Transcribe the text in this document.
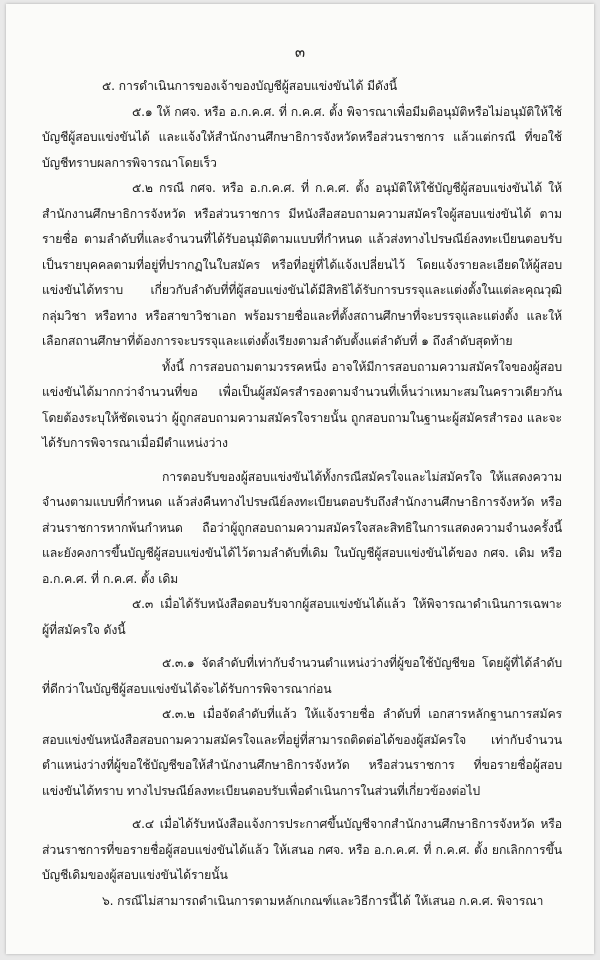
๓

๕. การดำเนินการของเจ้าของบัญชีผู้สอบแข่งขันได้ มีดังนี้

๕.๑ ให้ กศจ. หรือ อ.ก.ค.ศ. ที่ ก.ค.ศ. ตั้ง พิจารณาเพื่อมีมติอนุมัติหรือไม่อนุมัติให้ใช้บัญชีผู้สอบแข่งขันได้ และแจ้งให้สำนักงานศึกษาธิการจังหวัดหรือส่วนราชการ แล้วแต่กรณี ที่ขอใช้บัญชีทราบผลการพิจารณาโดยเร็ว

๕.๒ กรณี กศจ. หรือ อ.ก.ค.ศ. ที่ ก.ค.ศ. ตั้ง อนุมัติให้ใช้บัญชีผู้สอบแข่งขันได้ ให้สำนักงานศึกษาธิการจังหวัด หรือส่วนราชการ มีหนังสือสอบถามความสมัครใจผู้สอบแข่งขันได้ ตามรายชื่อ ตามลำดับที่และจำนวนที่ได้รับอนุมัติตามแบบที่กำหนด แล้วส่งทางไปรษณีย์ลงทะเบียนตอบรับเป็นรายบุคคลตามที่อยู่ที่ปรากฏในใบสมัคร หรือที่อยู่ที่ได้แจ้งเปลี่ยนไว้ โดยแจ้งรายละเอียดให้ผู้สอบแข่งขันได้ทราบ เกี่ยวกับลำดับที่ที่ผู้สอบแข่งขันได้มีสิทธิได้รับการบรรจุและแต่งตั้งในแต่ละคุณวุฒิ กลุ่มวิชา หรือทาง หรือสาขาวิชาเอก พร้อมรายชื่อและที่ตั้งสถานศึกษาที่จะบรรจุและแต่งตั้ง และให้เลือกสถานศึกษาที่ต้องการจะบรรจุและแต่งตั้งเรียงตามลำดับตั้งแต่ลำดับที่ ๑ ถึงลำดับสุดท้าย

ทั้งนี้ การสอบถามตามวรรคหนึ่ง อาจให้มีการสอบถามความสมัครใจของผู้สอบแข่งขันได้มากกว่าจำนวนที่ขอ เพื่อเป็นผู้สมัครสำรองตามจำนวนที่เห็นว่าเหมาะสมในคราวเดียวกัน โดยต้องระบุให้ชัดเจนว่า ผู้ถูกสอบถามความสมัครใจรายนั้น ถูกสอบถามในฐานะผู้สมัครสำรอง และจะได้รับการพิจารณาเมื่อมีตำแหน่งว่าง

การตอบรับของผู้สอบแข่งขันได้ทั้งกรณีสมัครใจและไม่สมัครใจ ให้แสดงความจำนงตามแบบที่กำหนด แล้วส่งคืนทางไปรษณีย์ลงทะเบียนตอบรับถึงสำนักงานศึกษาธิการจังหวัด หรือส่วนราชการหากพ้นกำหนด ถือว่าผู้ถูกสอบถามความสมัครใจสละสิทธิในการแสดงความจำนงครั้งนี้ และยังคงการขึ้นบัญชีผู้สอบแข่งขันได้ไว้ตามลำดับที่เดิม ในบัญชีผู้สอบแข่งขันได้ของ กศจ. เดิม หรือ อ.ก.ค.ศ. ที่ ก.ค.ศ. ตั้ง เดิม

๕.๓ เมื่อได้รับหนังสือตอบรับจากผู้สอบแข่งขันได้แล้ว ให้พิจารณาดำเนินการเฉพาะผู้ที่สมัครใจ ดังนี้

๕.๓.๑ จัดลำดับที่เท่ากับจำนวนตำแหน่งว่างที่ผู้ขอใช้บัญชีขอ โดยผู้ที่ได้ลำดับที่ดีกว่าในบัญชีผู้สอบแข่งขันได้จะได้รับการพิจารณาก่อน

๕.๓.๒ เมื่อจัดลำดับที่แล้ว ให้แจ้งรายชื่อ ลำดับที่ เอกสารหลักฐานการสมัครสอบแข่งขันหนังสือสอบถามความสมัครใจและที่อยู่ที่สามารถติดต่อได้ของผู้สมัครใจ เท่ากับจำนวนตำแหน่งว่างที่ผู้ขอใช้บัญชีขอให้สำนักงานศึกษาธิการจังหวัด หรือส่วนราชการ ที่ขอรายชื่อผู้สอบแข่งขันได้ทราบ ทางไปรษณีย์ลงทะเบียนตอบรับเพื่อดำเนินการในส่วนที่เกี่ยวข้องต่อไป

๕.๔ เมื่อได้รับหนังสือแจ้งการประกาศขึ้นบัญชีจากสำนักงานศึกษาธิการจังหวัด หรือส่วนราชการที่ขอรายชื่อผู้สอบแข่งขันได้แล้ว ให้เสนอ กศจ. หรือ อ.ก.ค.ศ. ที่ ก.ค.ศ. ตั้ง ยกเลิกการขึ้นบัญชีเดิมของผู้สอบแข่งขันได้รายนั้น

๖. กรณีไม่สามารถดำเนินการตามหลักเกณฑ์และวิธีการนี้ได้ ให้เสนอ ก.ค.ศ. พิจารณา
